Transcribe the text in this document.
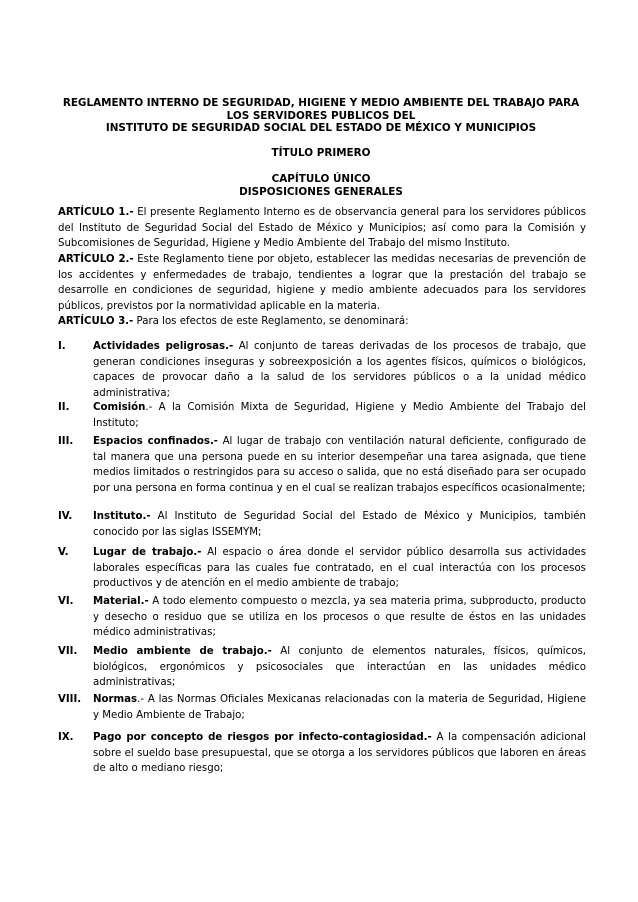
REGLAMENTO INTERNO DE SEGURIDAD, HIGIENE Y MEDIO AMBIENTE DEL TRABAJO PARA
LOS SERVIDORES PUBLICOS DEL
INSTITUTO DE SEGURIDAD SOCIAL DEL ESTADO DE MÉXICO Y MUNICIPIOS
TÍTULO PRIMERO
CAPÍTULO ÚNICO
DISPOSICIONES GENERALES
ARTÍCULO 1.- El presente Reglamento Interno es de observancia general para los servidores públicos del Instituto de Seguridad Social del Estado de México y Municipios; así como para la Comisión y Subcomisiones de Seguridad, Higiene y Medio Ambiente del Trabajo del mismo Instituto.
ARTÍCULO 2.- Este Reglamento tiene por objeto, establecer las medidas necesarias de prevención de los accidentes y enfermedades de trabajo, tendientes a lograr que la prestación del trabajo se desarrolle en condiciones de seguridad, higiene y medio ambiente adecuados para los servidores públicos, previstos por la normatividad aplicable en la materia.
ARTÍCULO 3.- Para los efectos de este Reglamento, se denominará:
I.	Actividades peligrosas.- Al conjunto de tareas derivadas de los procesos de trabajo, que generan condiciones inseguras y sobreexposición a los agentes físicos, químicos o biológicos, capaces de provocar daño a la salud de los servidores públicos o a la unidad médico administrativa;
II. Comisión.- A la Comisión Mixta de Seguridad, Higiene y Medio Ambiente del Trabajo del Instituto;
III. Espacios confinados.- Al lugar de trabajo con ventilación natural deficiente, configurado de tal manera que una persona puede en su interior desempeñar una tarea asignada, que tiene medios limitados o restringidos para su acceso o salida, que no está diseñado para ser ocupado por una persona en forma continua y en el cual se realizan trabajos específicos ocasionalmente;
IV. Instituto.- Al Instituto de Seguridad Social del Estado de México y Municipios, también conocido por las siglas ISSEMYM;
V. Lugar de trabajo.- Al espacio o área donde el servidor público desarrolla sus actividades laborales específicas para las cuales fue contratado, en el cual interactúa con los procesos productivos y de atención en el medio ambiente de trabajo;
VI. Material.- A todo elemento compuesto o mezcla, ya sea materia prima, subproducto, producto y desecho o residuo que se utiliza en los procesos o que resulte de éstos en las unidades médico administrativas;
VII. Medio ambiente de trabajo.- Al conjunto de elementos naturales, físicos, químicos, biológicos, ergonómicos y psicosociales que interactúan en las unidades médico administrativas;
VIII. Normas.- A las Normas Oficiales Mexicanas relacionadas con la materia de Seguridad, Higiene y Medio Ambiente de Trabajo;
IX. Pago por concepto de riesgos por infecto-contagiosidad.- A la compensación adicional sobre el sueldo base presupuestal, que se otorga a los servidores públicos que laboren en áreas de alto o mediano riesgo;
